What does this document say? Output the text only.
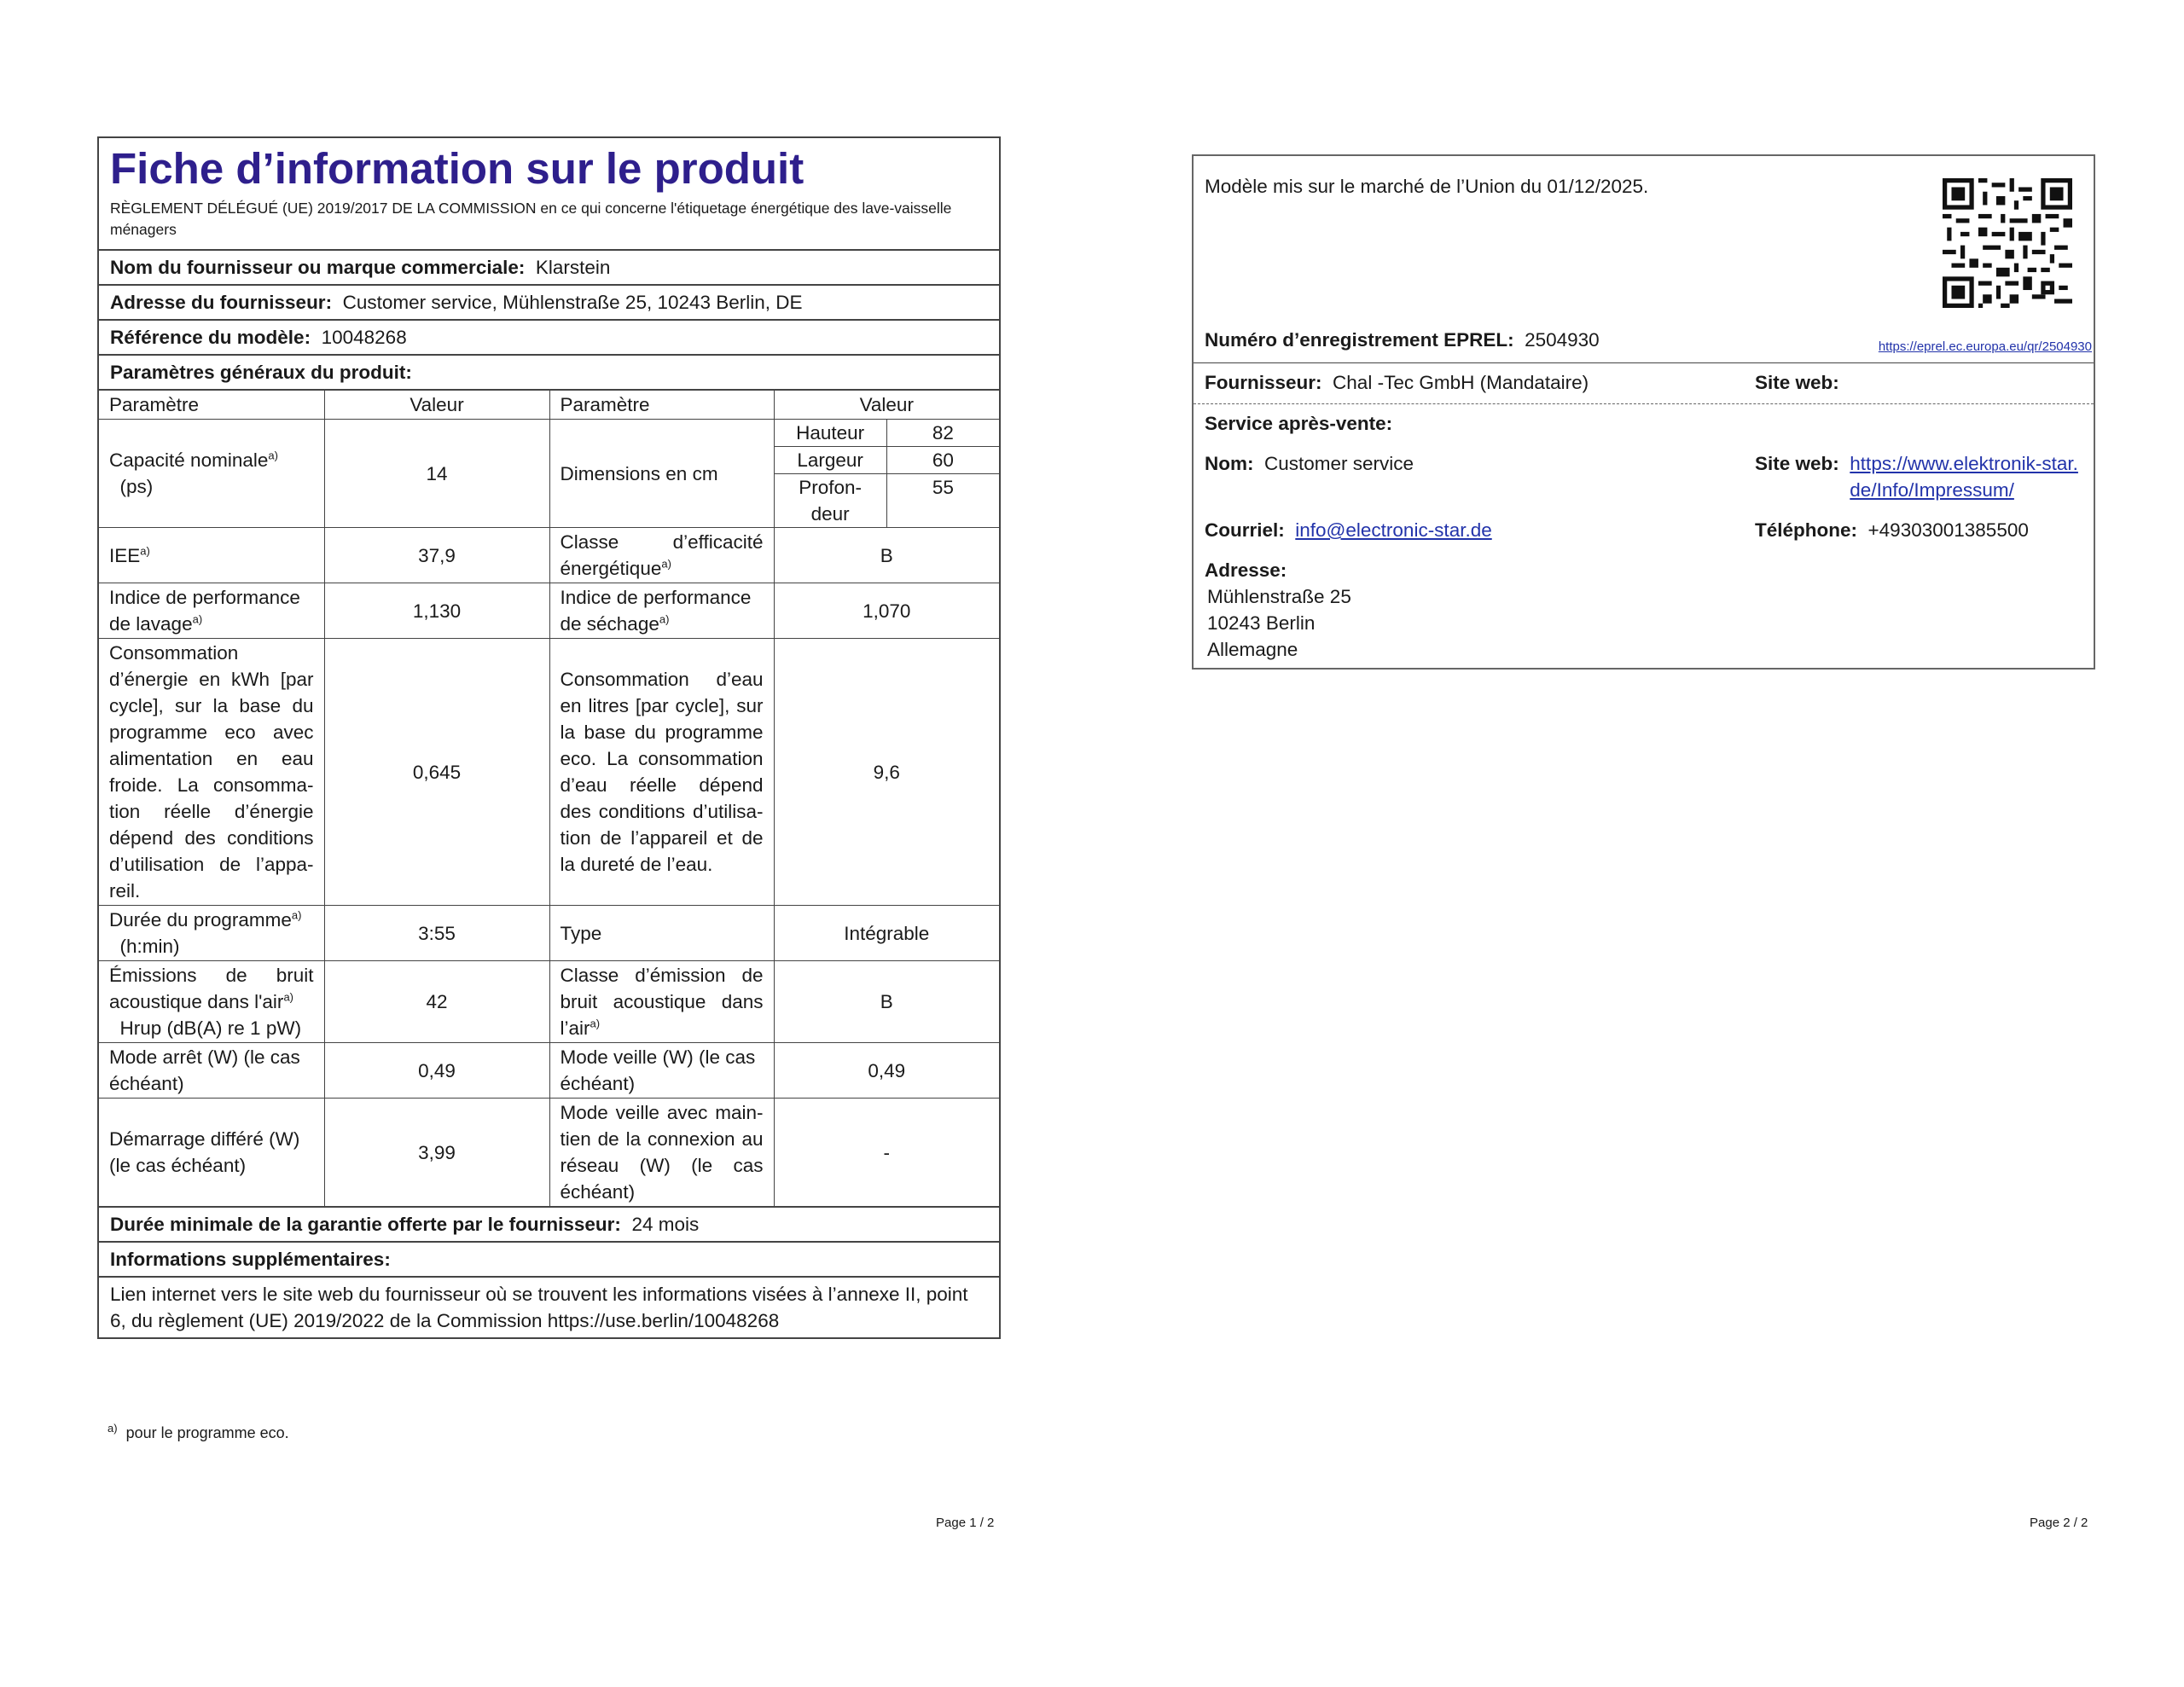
Fiche d’information sur le produit
RÈGLEMENT DÉLÉGUÉ (UE) 2019/2017 DE LA COMMISSION en ce qui concerne l'étiquetage énergétique des lave-vaisselle ménagers
Nom du fournisseur ou marque commerciale: Klarstein
Adresse du fournisseur: Customer service, Mühlenstraße 25, 10243 Berlin, DE
Référence du modèle: 10048268
Paramètres généraux du produit:
Paramètre	Valeur	Paramètre	Valeur
Capacité nominale$^{a)}$
(ps)	14	Dimensions en cm	
Hauteur	82
Largeur	60
Profon-deur	55

IEE$^{a)}$	37,9	Classe d’efficacité énergétique$^{a)}$	B
Indice de performance de lavage$^{a)}$	1,130	Indice de performance de séchage$^{a)}$	1,070
Consommation d’énergie en kWh [par cycle], sur la base du programme eco avec alimentation en eau froide. La consomma-tion réelle d’énergie dépend des conditions d’utilisation de l’appa-reil.	0,645	Consommation d’eau en litres [par cycle], sur la base du programme eco. La consommation d’eau réelle dépend des conditions d’utilisa-tion de l’appareil et de la dureté de l’eau.	9,6
Durée du programme$^{a)}$
(h:min)	3:55	Type	Intégrable
Émissions de bruit acoustique dans l'air$^{a)}$
Hrup (dB(A) re 1 pW)	42	Classe d’émission de bruit acoustique dans l’air$^{a)}$	B
Mode arrêt (W) (le cas échéant)	0,49	Mode veille (W) (le cas échéant)	0,49
Démarrage différé (W) (le cas échéant)	3,99	Mode veille avec main-tien de la connexion au réseau (W) (le cas échéant)	-
Durée minimale de la garantie offerte par le fournisseur: 24 mois
Informations supplémentaires:
Lien internet vers le site web du fournisseur où se trouvent les informations visées à l’annexe II, point 6, du règlement (UE) 2019/2022 de la Commission https://use.berlin/10048268
$^{a)}$ pour le programme eco.
Page 1 / 2
Modèle mis sur le marché de l’Union du 01/12/2025.
Numéro d’enregistrement EPREL: 2504930	https://eprel.ec.europa.eu/qr/2504930
Fournisseur: Chal -Tec GmbH (Mandataire)	Site web:
Service après-vente:
Nom: Customer service	Site web:
https://www.elektronik-star.de/Info/Impressum/
Courriel: info@electronic-star.de	Téléphone: +49303001385500
Adresse:
Mühlenstraße 25
10243 Berlin
Allemagne
Page 2 / 2
